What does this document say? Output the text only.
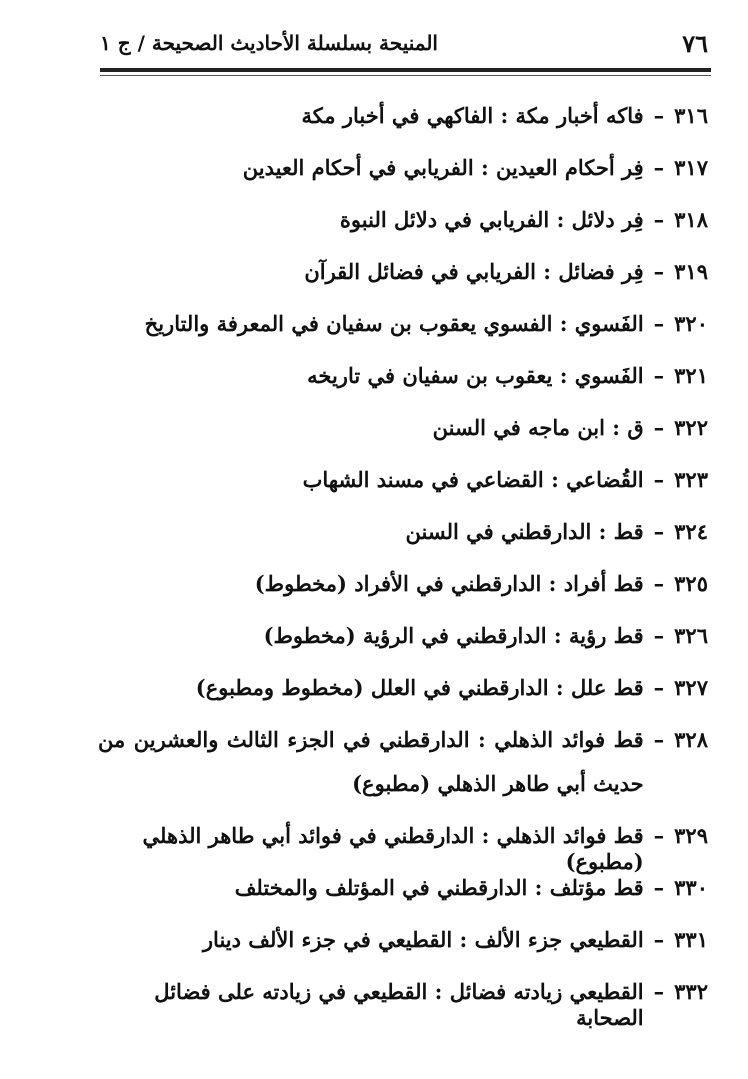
٧٦
المنيحة بسلسلة الأحاديث الصحيحة / ج ١
٣١٦
–
فاكه أخبار مكة : الفاكهي في أخبار مكة
٣١٧
–
فِر أحكام العيدين : الفريابي في أحكام العيدين
٣١٨
–
فِر دلائل : الفريابي في دلائل النبوة
٣١٩
–
فِر فضائل : الفريابي في فضائل القرآن
٣٢٠
–
الفَسوي : الفسوي يعقوب بن سفيان في المعرفة والتاريخ
٣٢١
–
الفَسوي : يعقوب بن سفيان في تاريخه
٣٢٢
–
ق : ابن ماجه في السنن
٣٢٣
–
القُضاعي : القضاعي في مسند الشهاب
٣٢٤
–
قط : الدارقطني في السنن
٣٢٥
–
قط أفراد : الدارقطني في الأفراد (مخطوط)
٣٢٦
–
قط رؤية : الدارقطني في الرؤية (مخطوط)
٣٢٧
–
قط علل : الدارقطني في العلل (مخطوط ومطبوع)
٣٢٨
–
قط فوائد الذهلي : الدارقطني في الجزء الثالث والعشرين من حديث أبي طاهر الذهلي (مطبوع)
٣٢٩
–
قط فوائد الذهلي : الدارقطني في فوائد أبي طاهر الذهلي (مطبوع)
٣٣٠
–
قط مؤتلف : الدارقطني في المؤتلف والمختلف
٣٣١
–
القطيعي جزء الألف : القطيعي في جزء الألف دينار
٣٣٢
–
القطيعي زيادته فضائل : القطيعي في زيادته على فضائل الصحابة
